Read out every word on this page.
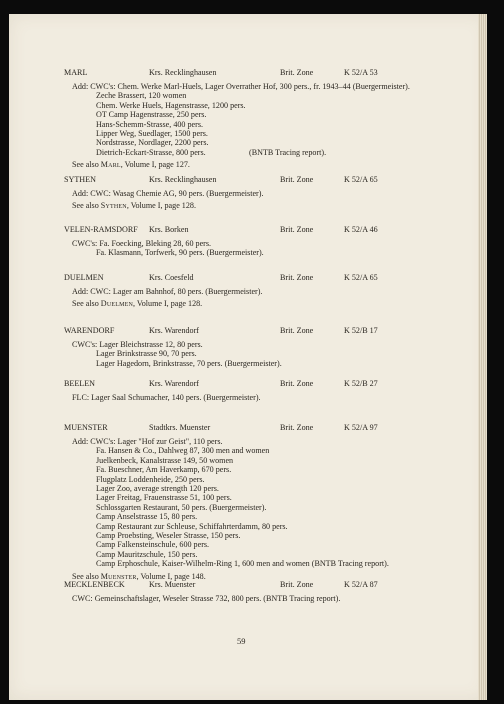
MARL	Krs. Recklinghausen	Brit. Zone	K 52/A 53
Add: CWC's: Chem. Werke Marl-Huels, Lager Overrather Hof, 300 pers., fr. 1943–44 (Buergermeister).
Zeche Brassert, 120 women
Chem. Werke Huels, Hagenstrasse, 1200 pers.
OT Camp Hagenstrasse, 250 pers.
Hans-Schemm-Strasse, 400 pers.
Lipper Weg, Suedlager, 1500 pers.
Nordstrasse, Nordlager, 2200 pers.
Dietrich-Eckart-Strasse, 800 pers.	(BNTB Tracing report).
See also Marl, Volume I, page 127.
SYTHEN	Krs. Recklinghausen	Brit. Zone	K 52/A 65
Add: CWC: Wasag Chemie AG, 90 pers. (Buergermeister).
See also Sythen, Volume I, page 128.
VELEN-RAMSDORF Krs. Borken	Brit. Zone	K 52/A 46
CWC's: Fa. Foecking, Bleking 28, 60 pers.
Fa. Klasmann, Torfwerk, 90 pers. (Buergermeister).
DUELMEN	Krs. Coesfeld	Brit. Zone	K 52/A 65
Add: CWC: Lager am Bahnhof, 80 pers. (Buergermeister).
See also Duelmen, Volume I, page 128.
WARENDORF	Krs. Warendorf	Brit. Zone	K 52/B 17
CWC's: Lager Bleichstrasse 12, 80 pers.
Lager Brinkstrasse 90, 70 pers.
Lager Hagedorn, Brinkstrasse, 70 pers. (Buergermeister).
BEELEN	Krs. Warendorf	Brit. Zone	K 52/B 27
FLC: Lager Saal Schumacher, 140 pers. (Buergermeister).
MUENSTER	Stadtkrs. Muenster	Brit. Zone	K 52/A 97
Add: CWC's: Lager "Hof zur Geist", 110 pers.
Fa. Hansen & Co., Dahlweg 87, 300 men and women
Juelkenbeck, Kanalstrasse 149, 50 women
Fa. Bueschner, Am Haverkamp, 670 pers.
Flugplatz Loddenheide, 250 pers.
Lager Zoo, average strength 120 pers.
Lager Freitag, Frauenstrasse 51, 100 pers.
Schlossgarten Restaurant, 50 pers. (Buergermeister).
Camp Anselstrasse 15, 80 pers.
Camp Restaurant zur Schleuse, Schiffahrterdamm, 80 pers.
Camp Proebsting, Weseler Strasse, 150 pers.
Camp Falkensteinschule, 600 pers.
Camp Mauritzschule, 150 pers.
Camp Erphoschule, Kaiser-Wilhelm-Ring 1, 600 men and women (BNTB Tracing report).
See also Muenster, Volume I, page 148.
MECKLENBECK	Krs. Muenster	Brit. Zone	K 52/A 87
CWC: Gemeinschaftslager, Weseler Strasse 732, 800 pers. (BNTB Tracing report).
59
